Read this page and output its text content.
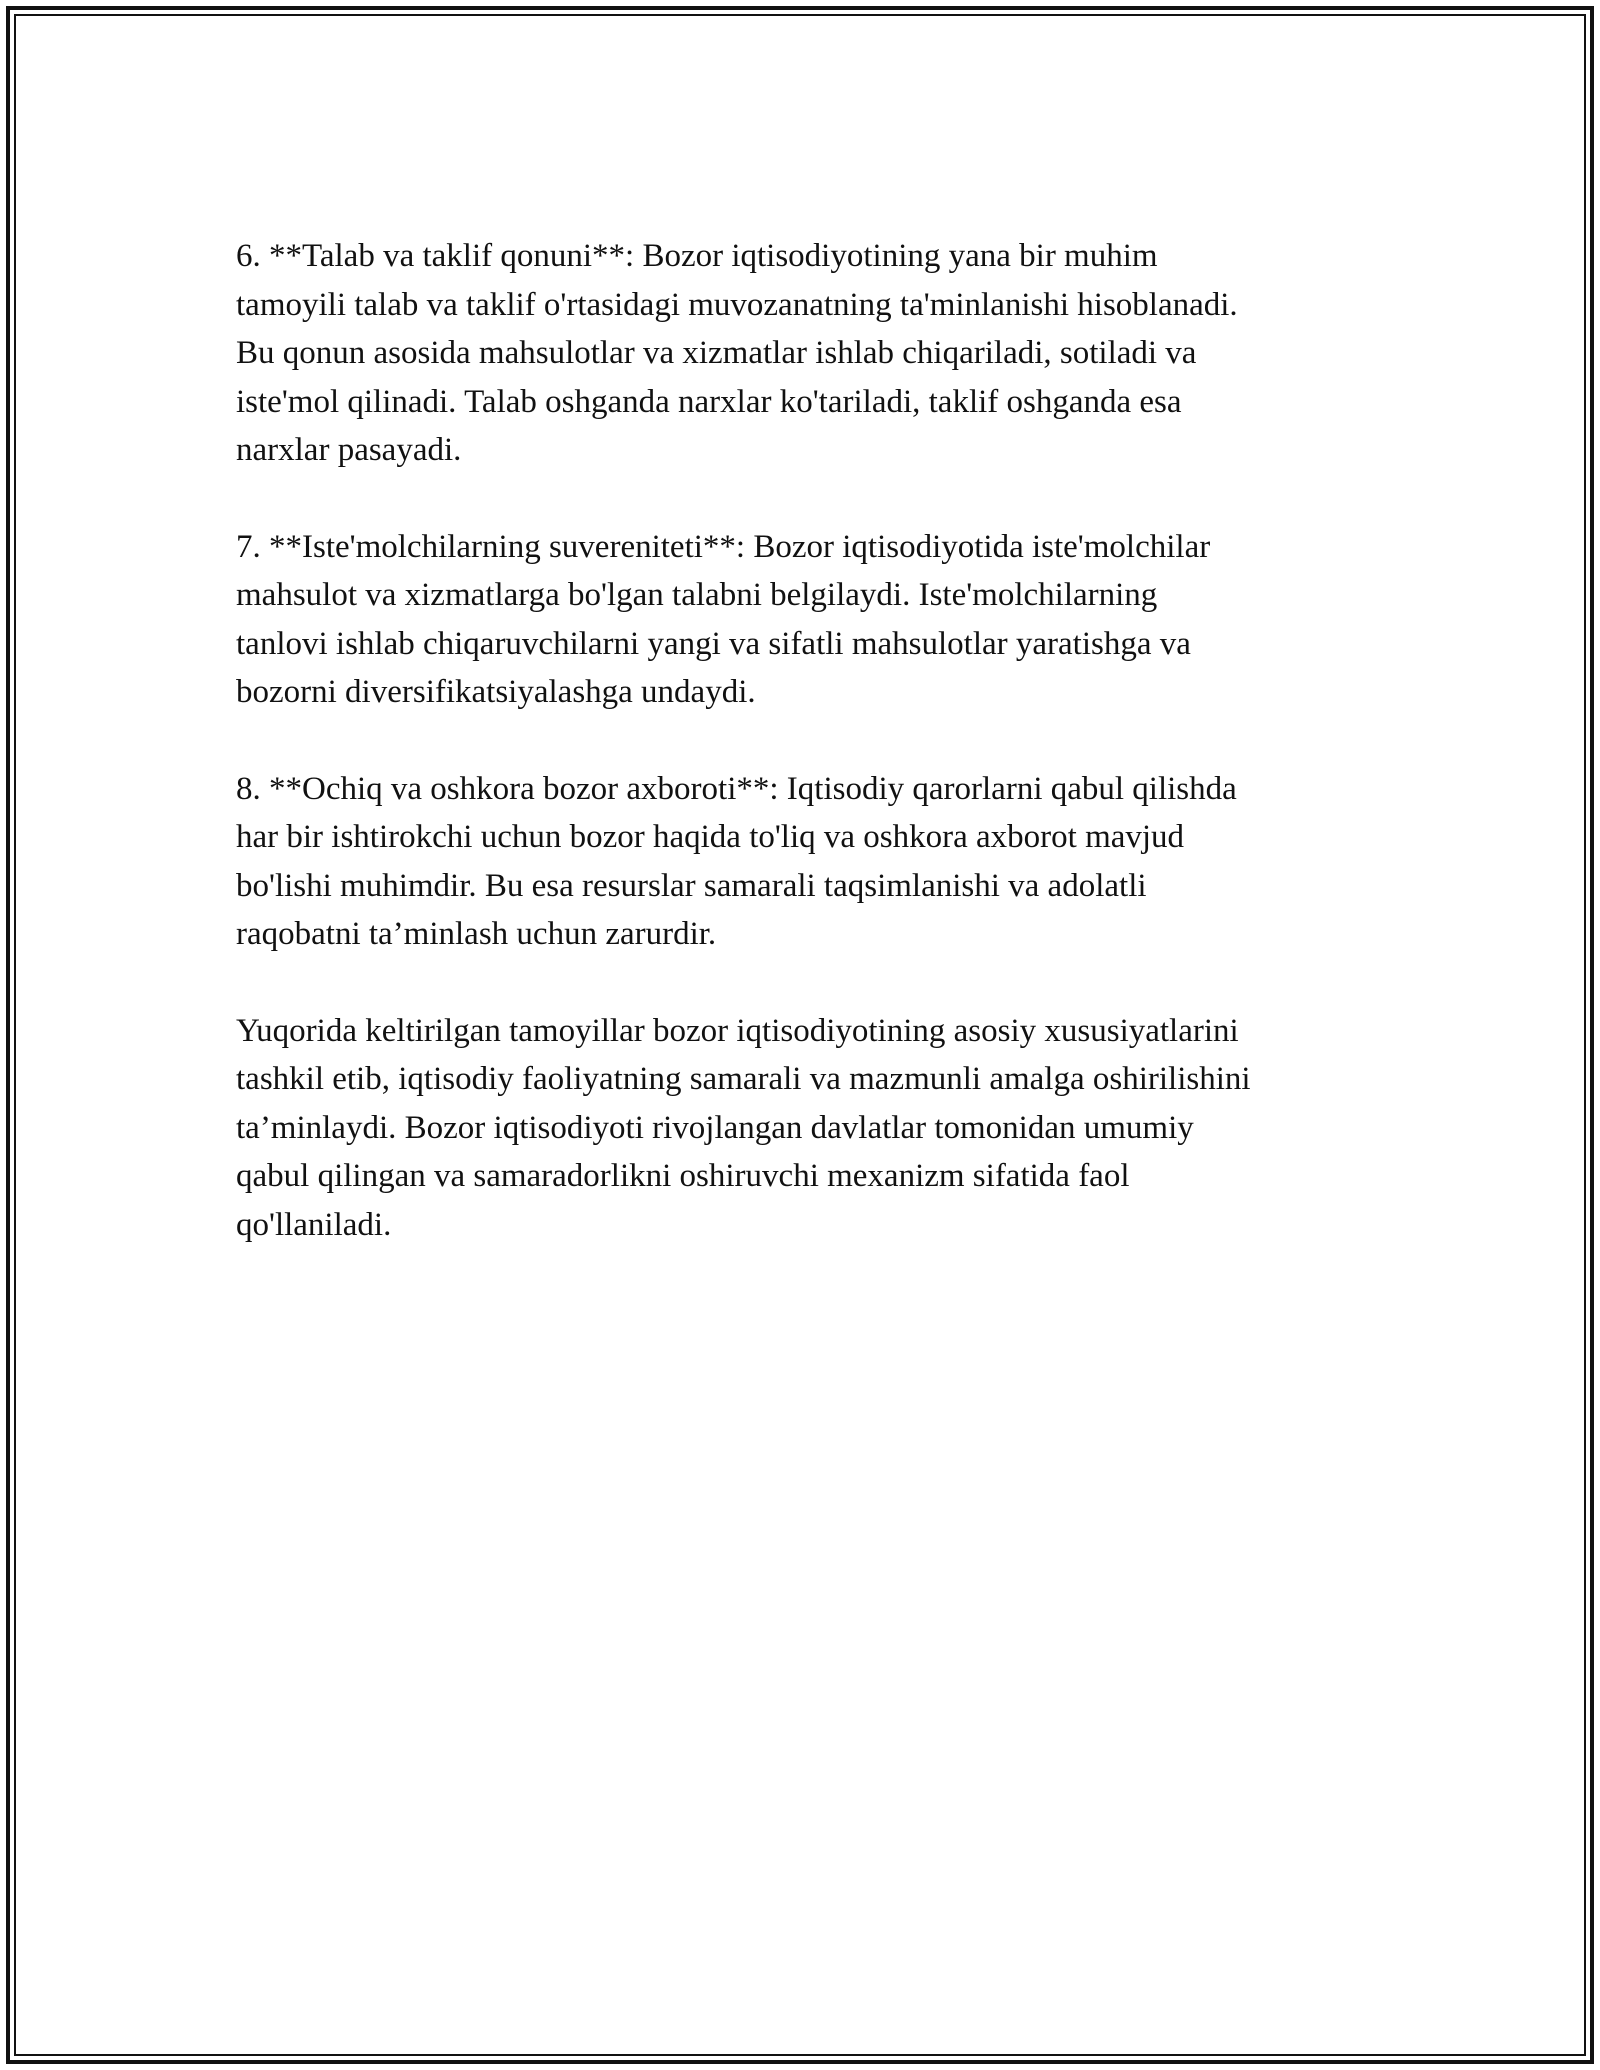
6. **Talab va taklif qonuni**: Bozor iqtisodiyotining yana bir muhim
tamoyili talab va taklif o'rtasidagi muvozanatning ta'minlanishi hisoblanadi.
Bu qonun asosida mahsulotlar va xizmatlar ishlab chiqariladi, sotiladi va
iste'mol qilinadi. Talab oshganda narxlar ko'tariladi, taklif oshganda esa
narxlar pasayadi.

7. **Iste'molchilarning suvereniteti**: Bozor iqtisodiyotida iste'molchilar
mahsulot va xizmatlarga bo'lgan talabni belgilaydi. Iste'molchilarning
tanlovi ishlab chiqaruvchilarni yangi va sifatli mahsulotlar yaratishga va
bozorni diversifikatsiyalashga undaydi.

8. **Ochiq va oshkora bozor axboroti**: Iqtisodiy qarorlarni qabul qilishda
har bir ishtirokchi uchun bozor haqida to'liq va oshkora axborot mavjud
bo'lishi muhimdir. Bu esa resurslar samarali taqsimlanishi va adolatli
raqobatni ta’minlash uchun zarurdir.

Yuqorida keltirilgan tamoyillar bozor iqtisodiyotining asosiy xususiyatlarini
tashkil etib, iqtisodiy faoliyatning samarali va mazmunli amalga oshirilishini
ta’minlaydi. Bozor iqtisodiyoti rivojlangan davlatlar tomonidan umumiy
qabul qilingan va samaradorlikni oshiruvchi mexanizm sifatida faol
qo'llaniladi.
